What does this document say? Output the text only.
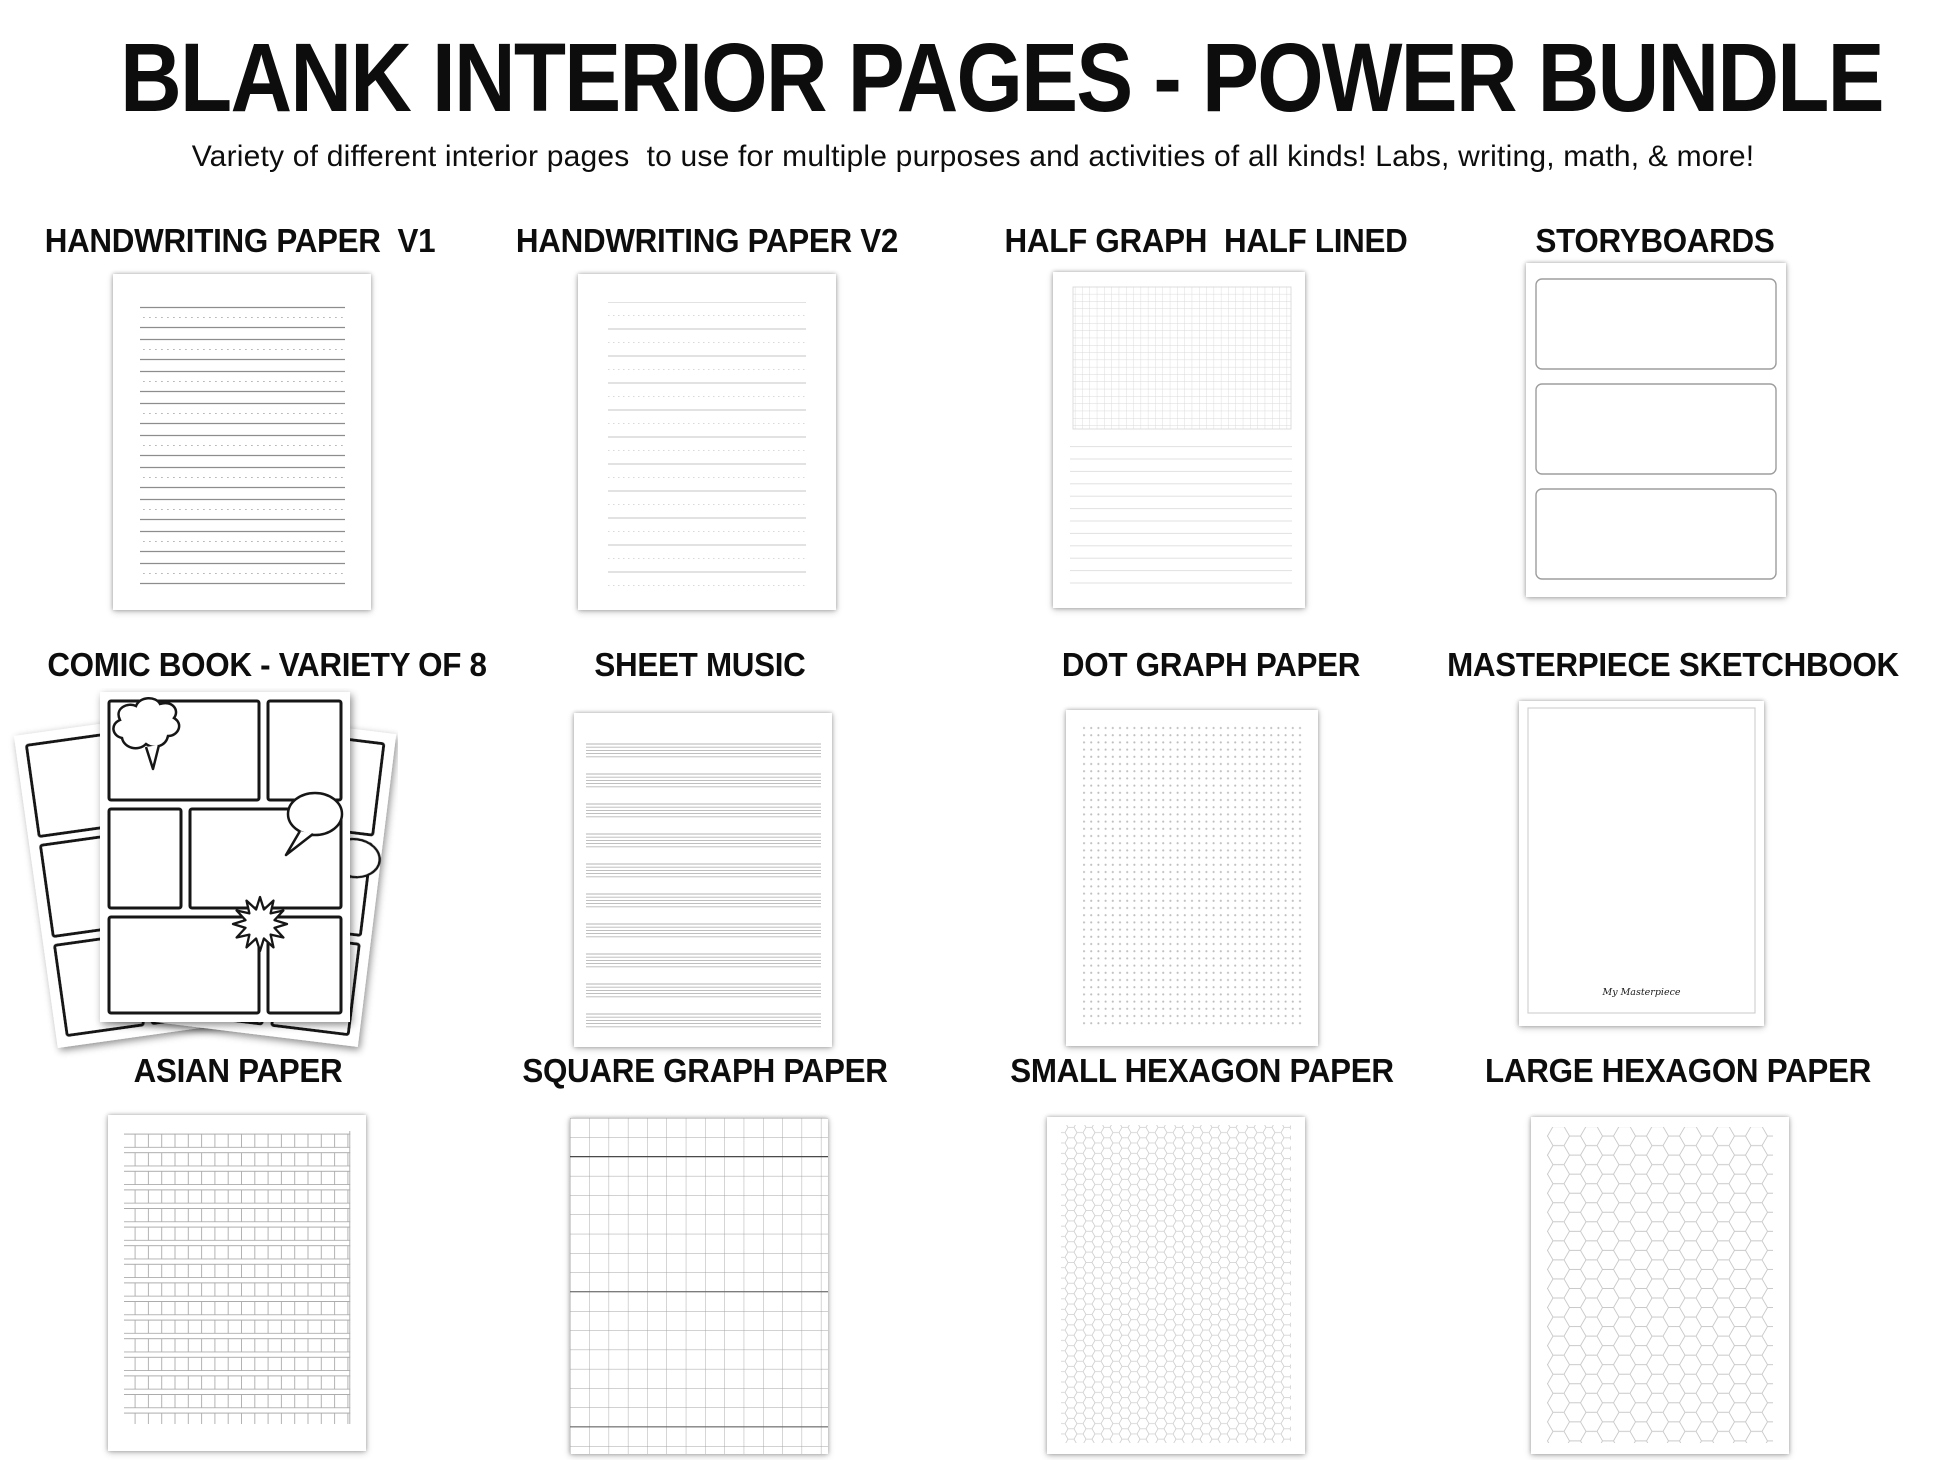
BLANK INTERIOR PAGES - POWER BUNDLE
Variety of different interior pages  to use for multiple purposes and activities of all kinds! Labs, writing, math, & more!
HANDWRITING PAPER  V1	HANDWRITING PAPER V2	HALF GRAPH  HALF LINED	STORYBOARDS
COMIC BOOK - VARIETY OF 8	SHEET MUSIC	DOT GRAPH PAPER	MASTERPIECE SKETCHBOOK
ASIAN PAPER	SQUARE GRAPH PAPER	SMALL HEXAGON PAPER	LARGE HEXAGON PAPER
My Masterpiece
